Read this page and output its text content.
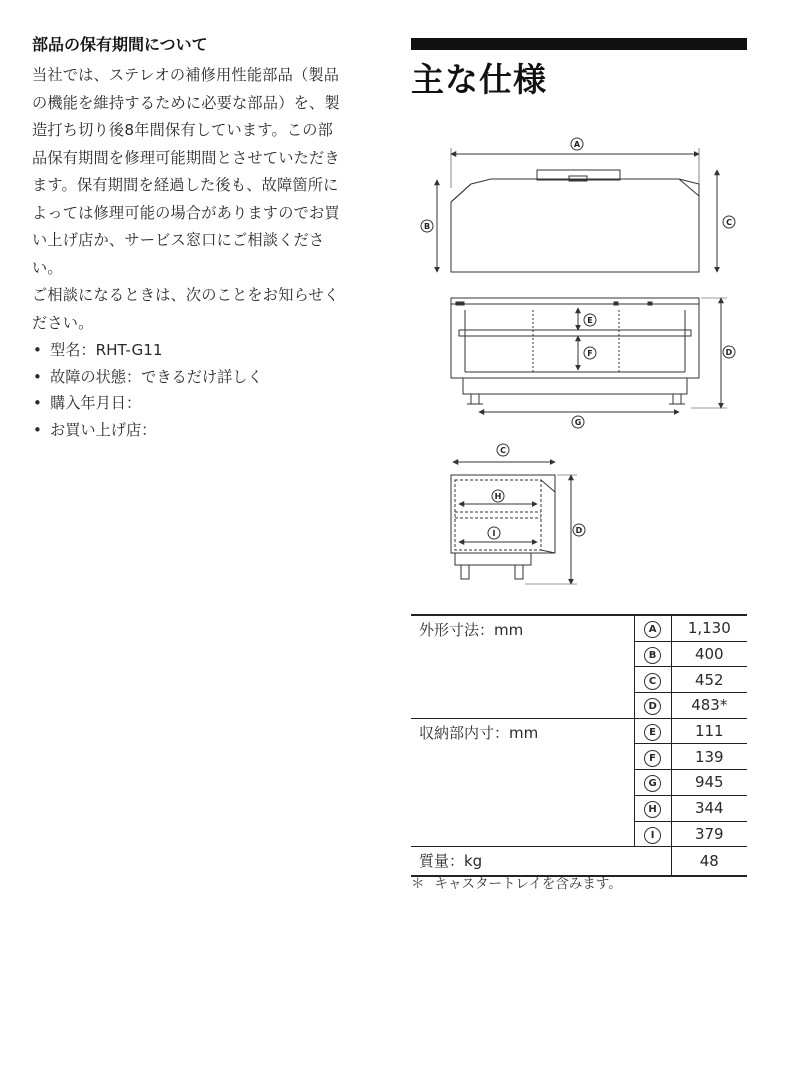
部品の保有期間について

当社では、ステレオの補修用性能部品（製品
の機能を維持するために必要な部品）を、製
造打ち切り後8年間保有しています。この部
品保有期間を修理可能期間とさせていただき
ます。保有期間を経過した後も、故障箇所に
よっては修理可能の場合がありますのでお買
い上げ店か、サービス窓口にご相談くださ
い。

ご相談になるときは、次のことをお知らせく
ださい。

• 型名：RHT-G11
• 故障の状態：できるだけ詳しく
• 購入年月日：
• お買い上げ店：
主な仕様
A
B	C
E
F	D
G
C
H
I	D
外形寸法：mm	A	1,130
	B	400
	C	452
	D	483*
収納部内寸：mm	E	111
	F	139
	G	945
	H	344
	I	379
質量：kg		48
＊ キャスタートレイを含みます。
